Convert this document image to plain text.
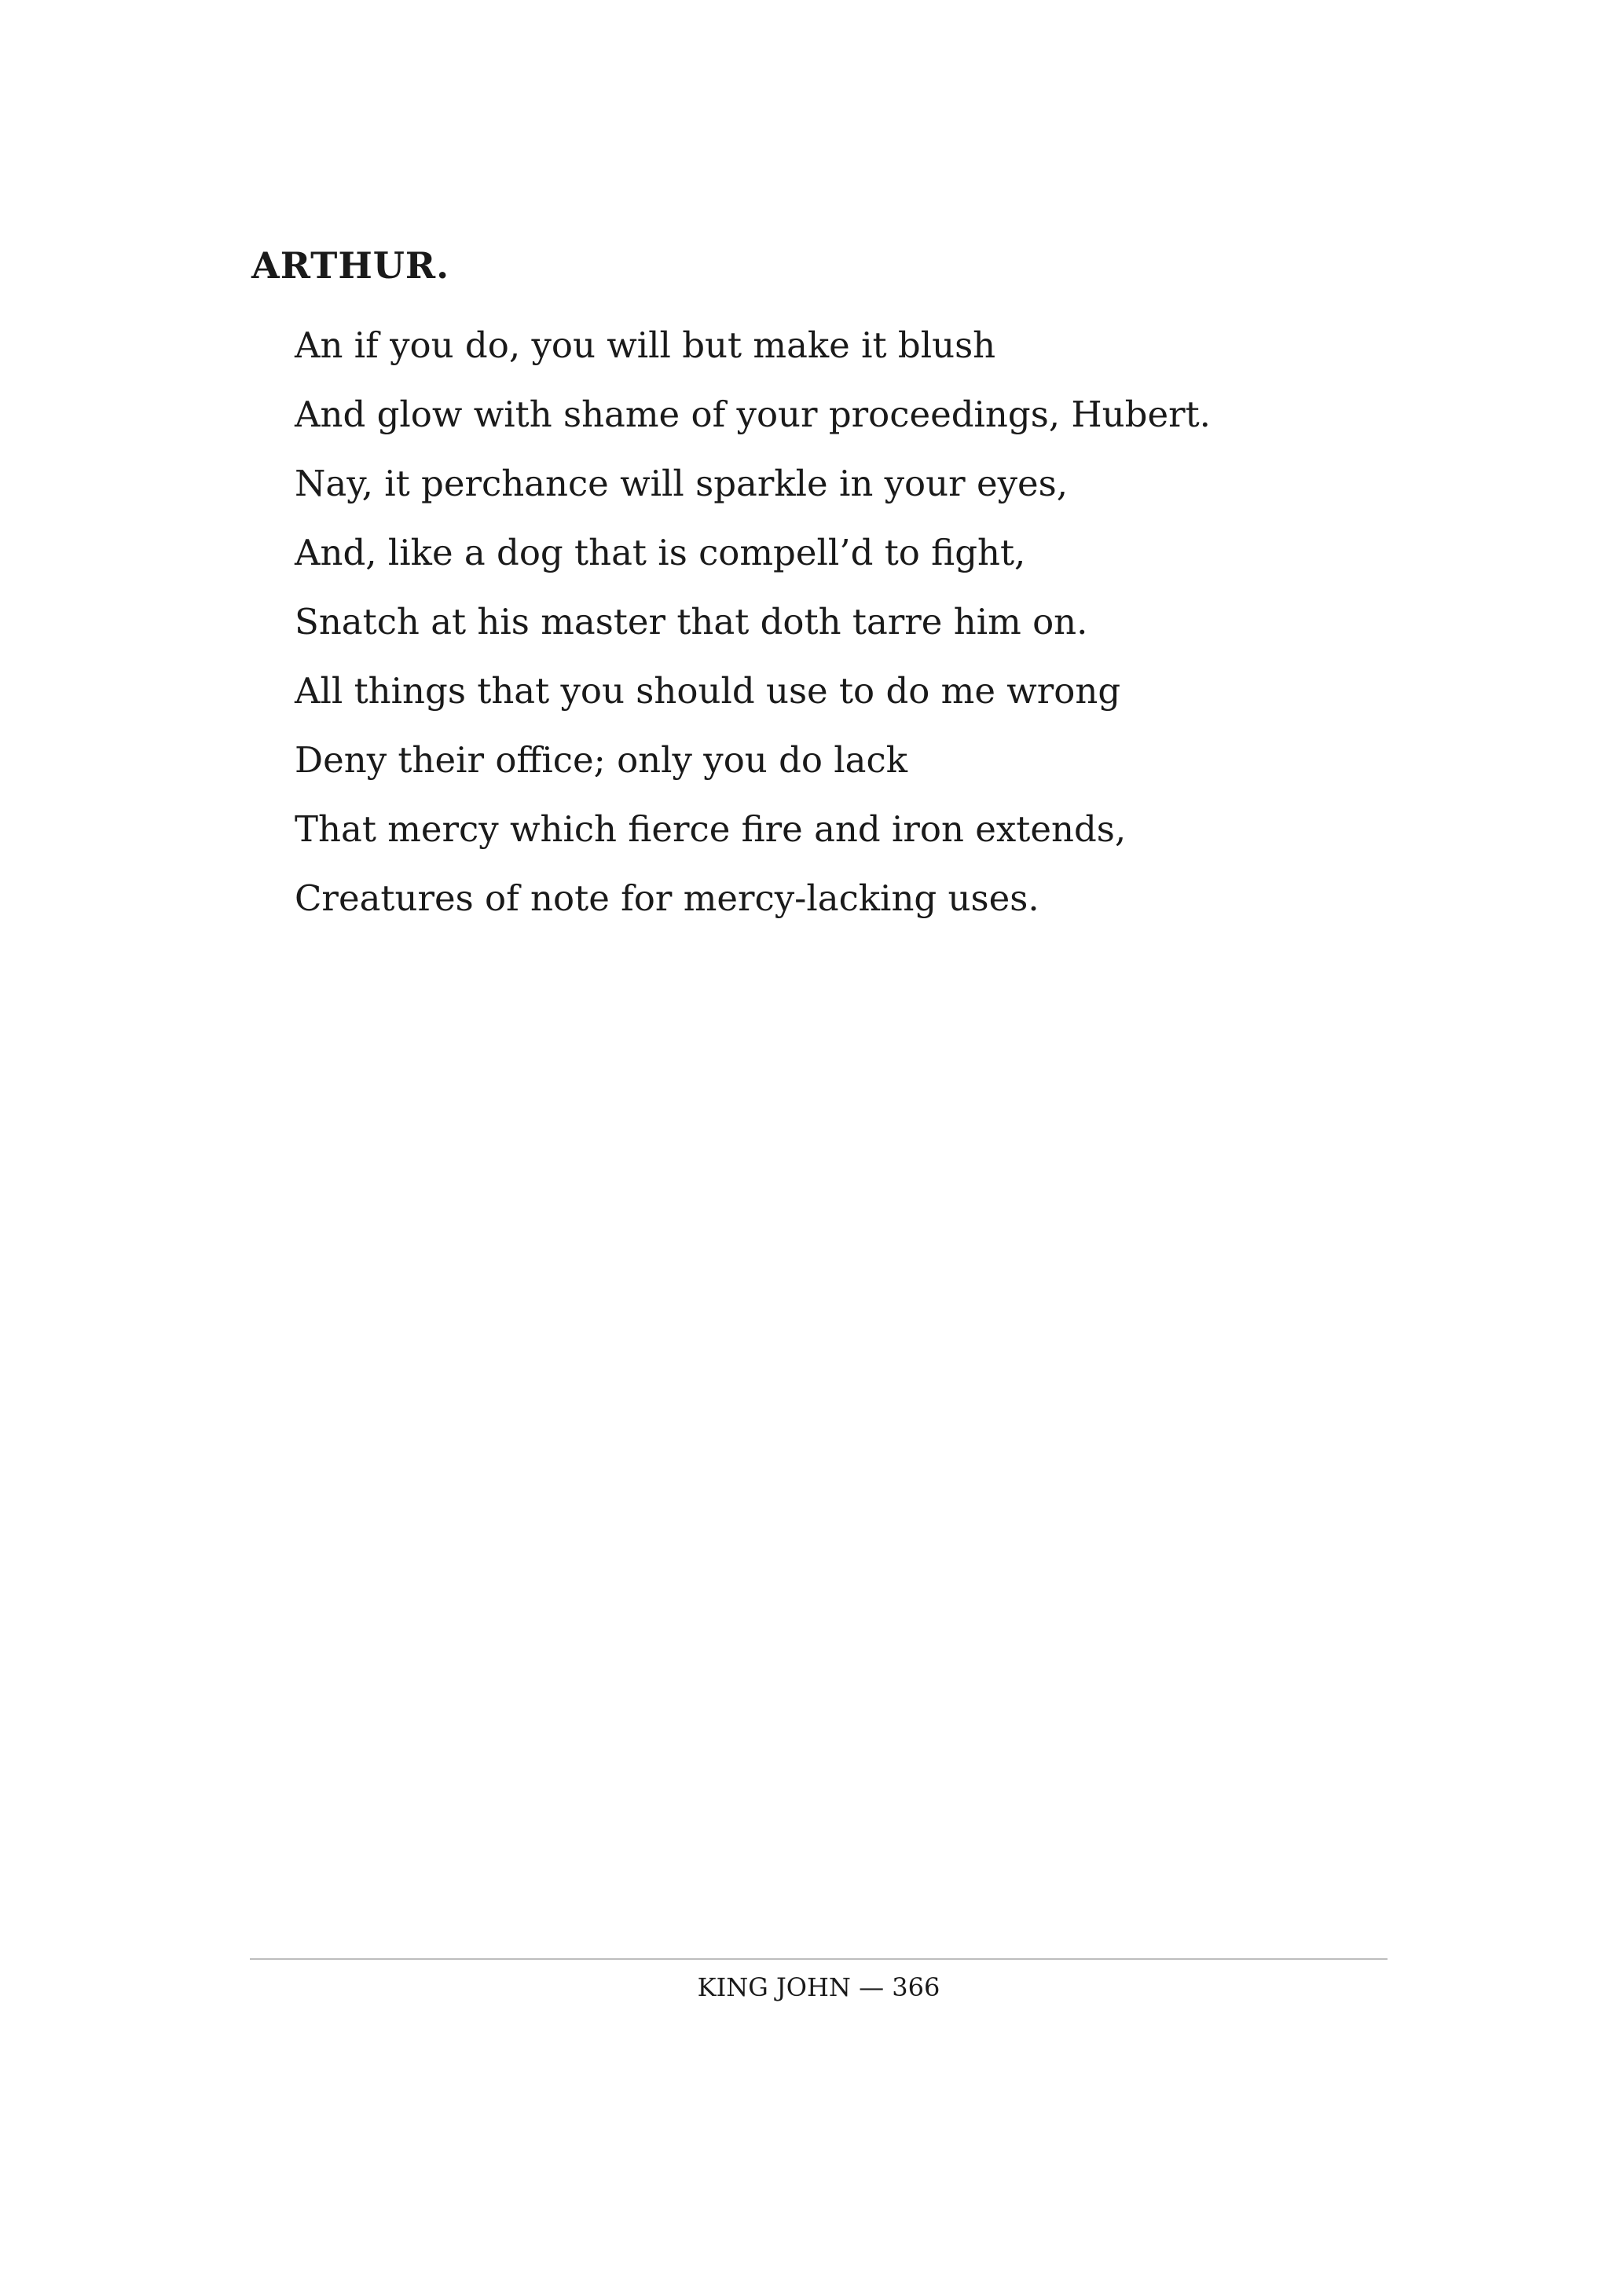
ARTHUR.
An if you do, you will but make it blush
And glow with shame of your proceedings, Hubert.
Nay, it perchance will sparkle in your eyes,
And, like a dog that is compell’d to fight,
Snatch at his master that doth tarre him on.
All things that you should use to do me wrong
Deny their office; only you do lack
That mercy which fierce fire and iron extends,
Creatures of note for mercy-lacking uses.
KING JOHN — 366
